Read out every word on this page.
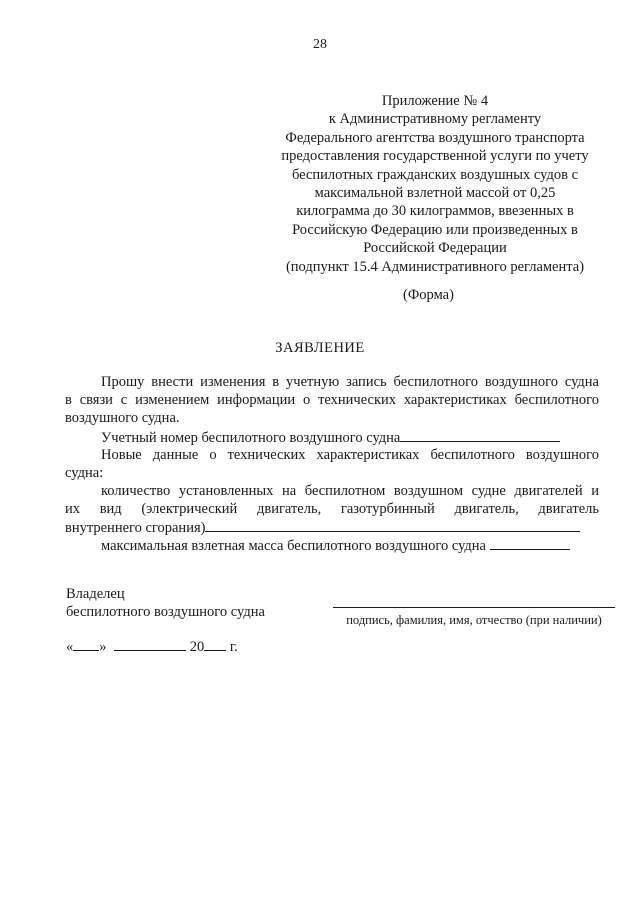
28
Приложение № 4
к Административному регламенту
Федерального агентства воздушного транспорта
предоставления государственной услуги по учету
беспилотных гражданских воздушных судов с
максимальной взлетной массой от 0,25
килограмма до 30 килограммов, ввезенных в
Российскую Федерацию или произведенных в
Российской Федерации
(подпункт 15.4 Административного регламента)
(Форма)
ЗАЯВЛЕНИЕ
Прошу внести изменения в учетную запись беспилотного воздушного судна
в связи с изменением информации о технических характеристиках беспилотного
воздушного судна.
Учетный номер беспилотного воздушного судна
Новые данные о технических характеристиках беспилотного воздушного
судна:
количество установленных на беспилотном воздушном судне двигателей и
их вид (электрический двигатель, газотурбинный двигатель, двигатель
внутреннего сгорания)
максимальная взлетная масса беспилотного воздушного судна
Владелец
беспилотного воздушного судна	подпись, фамилия, имя, отчество (при наличии)
« »	20 г.
